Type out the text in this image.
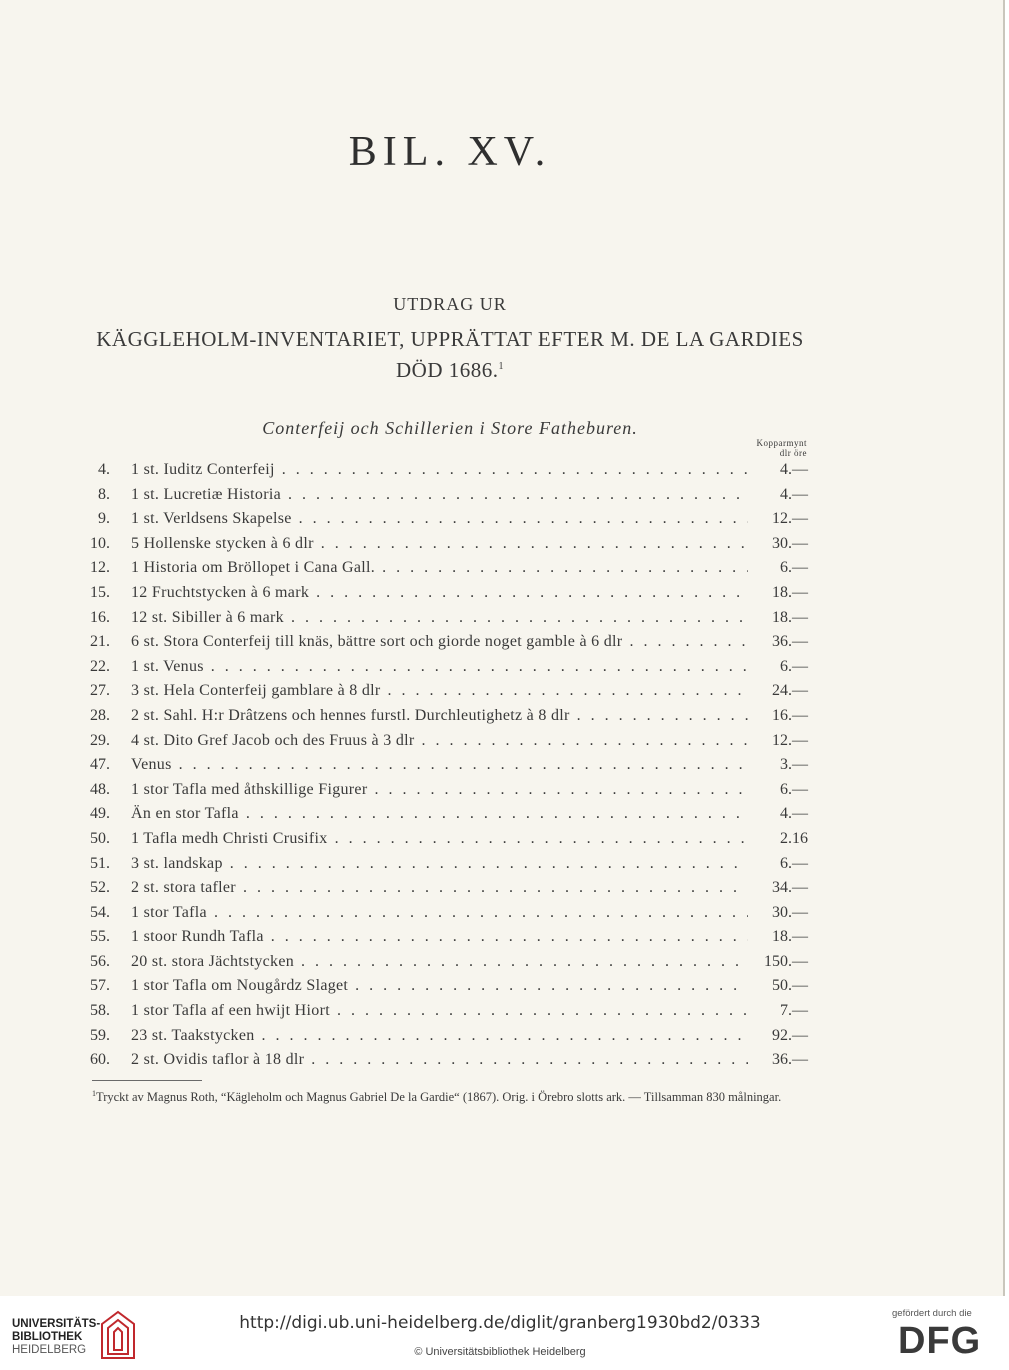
BIL. XV.
UTDRAG UR
KÄGGLEHOLM-INVENTARIET, UPPRÄTTAT EFTER M. DE LA GARDIES DÖD 1686.$^1$
Conterfeij och Schillerien i Store Fatheburen.
Kopparmynt
dlr öre
4. 1 st. Iuditz Conterfeij . . .	4.—
8. 1 st. Lucretiæ Historia . . .	4.—
9. 1 st. Verldsens Skapelse . . .	12.—
10. 5 Hollenske stycken à 6 dlr . . .	30.—
12. 1 Historia om Bröllopet i Cana Gall. . . .	6.—
15. 12 Fruchtstycken à 6 mark . . .	18.—
16. 12 st. Sibiller à 6 mark . . .	18.—
21. 6 st. Stora Conterfeij till knäs, bättre sort och giorde noget gamble à 6 dlr . . .	36.—
22. 1 st. Venus . . .	6.—
27. 3 st. Hela Conterfeij gamblare à 8 dlr . . .	24.—
28. 2 st. Sahl. H:r Drâtzens och hennes furstl. Durchleutighetz à 8 dlr . . .	16.—
29. 4 st. Dito Gref Jacob och des Fruus à 3 dlr . . .	12.—
47. Venus . . .	3.—
48. 1 stor Tafla med åthskillige Figurer . . .	6.—
49. Än en stor Tafla . . .	4.—
50. 1 Tafla medh Christi Crusifix . . .	2.16
51. 3 st. landskap . . .	6.—
52. 2 st. stora tafler . . .	34.—
54. 1 stor Tafla . . .	30.—
55. 1 stoor Rundh Tafla . . .	18.—
56. 20 st. stora Jächtstycken . . .	150.—
57. 1 stor Tafla om Nougårdz Slaget . . .	50.—
58. 1 stor Tafla af een hwijt Hiort . . .	7.—
59. 23 st. Taakstycken . . .	92.—
60. 2 st. Ovidis taflor à 18 dlr . . .	36.—
$^1$Tryckt av Magnus Roth, “Kägleholm och Magnus Gabriel De la Gardie“ (1867). Orig. i Örebro slotts ark. — Tillsamman 830 målningar.
UNIVERSITÄTS-
BIBLIOTHEK
HEIDELBERG
http://digi.ub.uni-heidelberg.de/diglit/granberg1930bd2/0333
© Universitätsbibliothek Heidelberg
gefördert durch die
DFG
